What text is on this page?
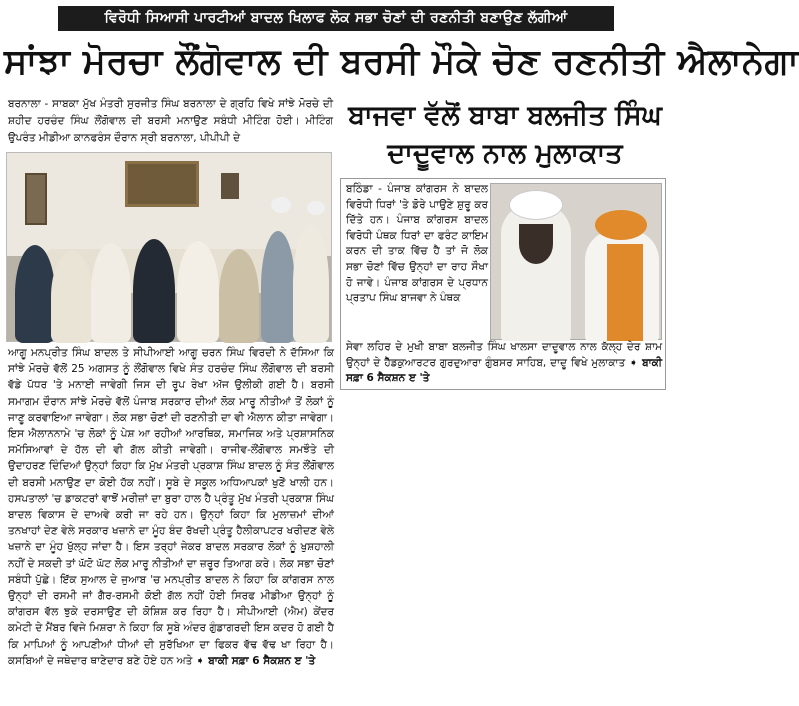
ਵਿਰੋਧੀ ਸਿਆਸੀ ਪਾਰਟੀਆਂ ਬਾਦਲ ਖਿਲਾਫ ਲੋਕ ਸਭਾ ਚੋਣਾਂ ਦੀ ਰਣਨੀਤੀ ਬਣਾਉਣ ਲੱਗੀਆਂ
ਸਾਂਝਾ ਮੋਰਚਾ ਲੌਂਗੋਵਾਲ ਦੀ ਬਰਸੀ ਮੌਕੇ ਚੋਣ ਰਣਨੀਤੀ ਐਲਾਨੇਗਾ
ਬਰਨਾਲਾ - ਸਾਬਕਾ ਮੁੱਖ ਮੰਤਰੀ ਸੁਰਜੀਤ ਸਿੰਘ ਬਰਨਾਲਾ ਦੇ ਗ੍ਰਹਿ ਵਿਖੇ ਸਾਂਝੇ ਮੋਰਚੇ ਦੀ ਸ਼ਹੀਦ ਹਰਚੰਦ ਸਿੰਘ ਲੌਂਗੋਵਾਲ ਦੀ ਬਰਸੀ ਮਨਾਉਣ ਸਬੰਧੀ ਮੀਟਿੰਗ ਹੋਈ। ਮੀਟਿੰਗ ਉਪਰੰਤ ਮੀਡੀਆ ਕਾਨਫਰੰਸ ਦੌਰਾਨ ਸ੍ਰੀ ਬਰਨਾਲਾ, ਪੀਪੀਪੀ ਦੇ
ਬਾਜਵਾ ਵੱਲੋਂ ਬਾਬਾ ਬਲਜੀਤ ਸਿੰਘ ਦਾਦੂਵਾਲ ਨਾਲ ਮੁਲਾਕਾਤ
ਬਠਿੰਡਾ - ਪੰਜਾਬ ਕਾਂਗਰਸ ਨੇ ਬਾਦਲ ਵਿਰੋਧੀ ਧਿਰਾਂ 'ਤੇ ਡੋਰੇ ਪਾਉਣੇ ਸ਼ੁਰੂ ਕਰ ਦਿੱਤੇ ਹਨ। ਪੰਜਾਬ ਕਾਂਗਰਸ ਬਾਦਲ ਵਿਰੋਧੀ ਪੰਥਕ ਧਿਰਾਂ ਦਾ ਫਰੰਟ ਕਾਇਮ ਕਰਨ ਦੀ ਤਾਕ ਵਿੱਚ ਹੈ ਤਾਂ ਜੋ ਲੋਕ ਸਭਾ ਚੋਣਾਂ ਵਿੱਚ ਉਨ੍ਹਾਂ ਦਾ ਰਾਹ ਸੌਖਾ ਹੋ ਜਾਵੇ। ਪੰਜਾਬ ਕਾਂਗਰਸ ਦੇ ਪ੍ਰਧਾਨ ਪ੍ਰਤਾਪ ਸਿੰਘ ਬਾਜਵਾ ਨੇ ਪੰਥਕ
ਸੇਵਾ ਲਹਿਰ ਦੇ ਮੁਖੀ ਬਾਬਾ ਬਲਜੀਤ ਸਿੰਘ ਖਾਲਸਾ ਦਾਦੂਵਾਲ ਨਾਲ ਕੱਲ੍ਹ ਦੇਰ ਸ਼ਾਮ ਉਨ੍ਹਾਂ ਦੇ ਹੈੱਡਕੁਆਰਟਰ ਗੁਰਦੁਆਰਾ ਗੁੰਬਸਰ ਸਾਹਿਬ, ਦਾਦੂ ਵਿਖੇ ਮੁਲਾਕਾਤ ➧ ਬਾਕੀ ਸਫ਼ਾ 6 ਸੈਕਸ਼ਨ ੲ 'ਤੇ
ਆਗੂ ਮਨਪ੍ਰੀਤ ਸਿੰਘ ਬਾਦਲ ਤੇ ਸੀਪੀਆਈ ਆਗੂ ਚਰਨ ਸਿੰਘ ਵਿਰਦੀ ਨੇ ਦੱਸਿਆ ਕਿ ਸਾਂਝੇ ਮੋਰਚੇ ਵੱਲੋਂ 25 ਅਗਸਤ ਨੂੰ ਲੌਂਗੋਵਾਲ ਵਿਖੇ ਸੰਤ ਹਰਚੰਦ ਸਿੰਘ ਲੌਂਗੋਵਾਲ ਦੀ ਬਰਸੀ ਵੱਡੇ ਪੱਧਰ 'ਤੇ ਮਨਾਈ ਜਾਵੇਗੀ ਜਿਸ ਦੀ ਰੂਪ ਰੇਖਾ ਅੱਜ ਉਲੀਕੀ ਗਈ ਹੈ। ਬਰਸੀ ਸਮਾਗਮ ਦੌਰਾਨ ਸਾਂਝੇ ਮੋਰਚੇ ਵੱਲੋਂ ਪੰਜਾਬ ਸਰਕਾਰ ਦੀਆਂ ਲੋਕ ਮਾਰੂ ਨੀਤੀਆਂ ਤੋਂ ਲੋਕਾਂ ਨੂੰ ਜਾਣੂ ਕਰਵਾਇਆ ਜਾਵੇਗਾ। ਲੋਕ ਸਭਾ ਚੋਣਾਂ ਦੀ ਰਣਨੀਤੀ ਦਾ ਵੀ ਐਲਾਨ ਕੀਤਾ ਜਾਵੇਗਾ। ਇਸ ਐਲਾਨਨਾਮੇ 'ਚ ਲੋਕਾਂ ਨੂੰ ਪੇਸ਼ ਆ ਰਹੀਆਂ ਆਰਥਿਕ, ਸਮਾਜਿਕ ਅਤੇ ਪ੍ਰਸ਼ਾਸਨਿਕ ਸਮੱਸਿਆਵਾਂ ਦੇ ਹੱਲ ਦੀ ਵੀ ਗੱਲ ਕੀਤੀ ਜਾਵੇਗੀ। ਰਾਜੀਵ-ਲੌਂਗੋਵਾਲ ਸਮਝੌਤੇ ਦੀ ਉਦਾਹਰਣ ਦਿੰਦਿਆਂ ਉਨ੍ਹਾਂ ਕਿਹਾ ਕਿ ਮੁੱਖ ਮੰਤਰੀ ਪ੍ਰਕਾਸ਼ ਸਿੰਘ ਬਾਦਲ ਨੂੰ ਸੰਤ ਲੌਂਗੋਵਾਲ ਦੀ ਬਰਸੀ ਮਨਾਉਣ ਦਾ ਕੋਈ ਹੱਕ ਨਹੀਂ। ਸੂਬੇ ਦੇ ਸਕੂਲ ਅਧਿਆਪਕਾਂ ਖੁਣੋਂ ਖਾਲੀ ਹਨ। ਹਸਪਤਾਲਾਂ 'ਚ ਡਾਕਟਰਾਂ ਵਾਝੋਂ ਮਰੀਜ਼ਾਂ ਦਾ ਬੁਰਾ ਹਾਲ ਹੈ ਪ੍ਰੰਤੂ ਮੁੱਖ ਮੰਤਰੀ ਪ੍ਰਕਾਸ਼ ਸਿੰਘ ਬਾਦਲ ਵਿਕਾਸ ਦੇ ਦਾਅਵੇ ਕਰੀ ਜਾ ਰਹੇ ਹਨ। ਉਨ੍ਹਾਂ ਕਿਹਾ ਕਿ ਮੁਲਾਜ਼ਮਾਂ ਦੀਆਂ ਤਨਖਾਹਾਂ ਦੇਣ ਵੇਲੇ ਸਰਕਾਰ ਖਜ਼ਾਨੇ ਦਾ ਮੂੰਹ ਬੰਦ ਰੱਖਦੀ ਪ੍ਰੰਤੂ ਹੈਲੀਕਾਪਟਰ ਖਰੀਦਣ ਵੇਲੇ ਖਜ਼ਾਨੇ ਦਾ ਮੂੰਹ ਖੁੱਲ੍ਹ ਜਾਂਦਾ ਹੈ। ਇਸ ਤਰ੍ਹਾਂ ਜੇਕਰ ਬਾਦਲ ਸਰਕਾਰ ਲੋਕਾਂ ਨੂੰ ਖੁਸ਼ਹਾਲੀ ਨਹੀਂ ਦੇ ਸਕਦੀ ਤਾਂ ਘੱਟੋ ਘੱਟ ਲੋਕ ਮਾਰੂ ਨੀਤੀਆਂ ਦਾ ਜ਼ਰੂਰ ਤਿਆਗ ਕਰੇ। ਲੋਕ ਸਭਾ ਚੋਣਾਂ ਸਬੰਧੀ ਪੁੱਛੇ। ਇੱਕ ਸੁਆਲ ਦੇ ਜੁਆਬ 'ਚ ਮਨਪ੍ਰੀਤ ਬਾਦਲ ਨੇ ਕਿਹਾ ਕਿ ਕਾਂਗਰਸ ਨਾਲ ਉਨ੍ਹਾਂ ਦੀ ਰਸਮੀ ਜਾਂ ਗੈਰ-ਰਸਮੀ ਕੋਈ ਗੱਲ ਨਹੀਂ ਹੋਈ ਸਿਰਫ ਮੀਡੀਆ ਉਨ੍ਹਾਂ ਨੂੰ ਕਾਂਗਰਸ ਵੱਲ ਝੁਕੇ ਦਰਸਾਉਣ ਦੀ ਕੋਸ਼ਿਸ਼ ਕਰ ਰਿਹਾ ਹੈ। ਸੀਪੀਆਈ (ਐਮ) ਕੇਂਦਰ ਕਮੇਟੀ ਦੇ ਮੈਂਬਰ ਵਿਜੇ ਮਿਸ਼ਰਾ ਨੇ ਕਿਹਾ ਕਿ ਸੂਬੇ ਅੰਦਰ ਗੁੰਡਾਗਰਦੀ ਇਸ ਕਦਰ ਹੋ ਗਈ ਹੈ ਕਿ ਮਾਪਿਆਂ ਨੂੰ ਆਪਣੀਆਂ ਧੀਆਂ ਦੀ ਸੁਰੱਖਿਆ ਦਾ ਫਿਕਰ ਵੱਢ ਵੱਢ ਖਾ ਰਿਹਾ ਹੈ। ਕਸਬਿਆਂ ਦੇ ਜਥੇਦਾਰ ਥਾਣੇਦਾਰ ਬਣੇ ਹੋਏ ਹਨ ਅਤੇ ➧ ਬਾਕੀ ਸਫ਼ਾ 6 ਸੈਕਸ਼ਨ ੲ 'ਤੇ
